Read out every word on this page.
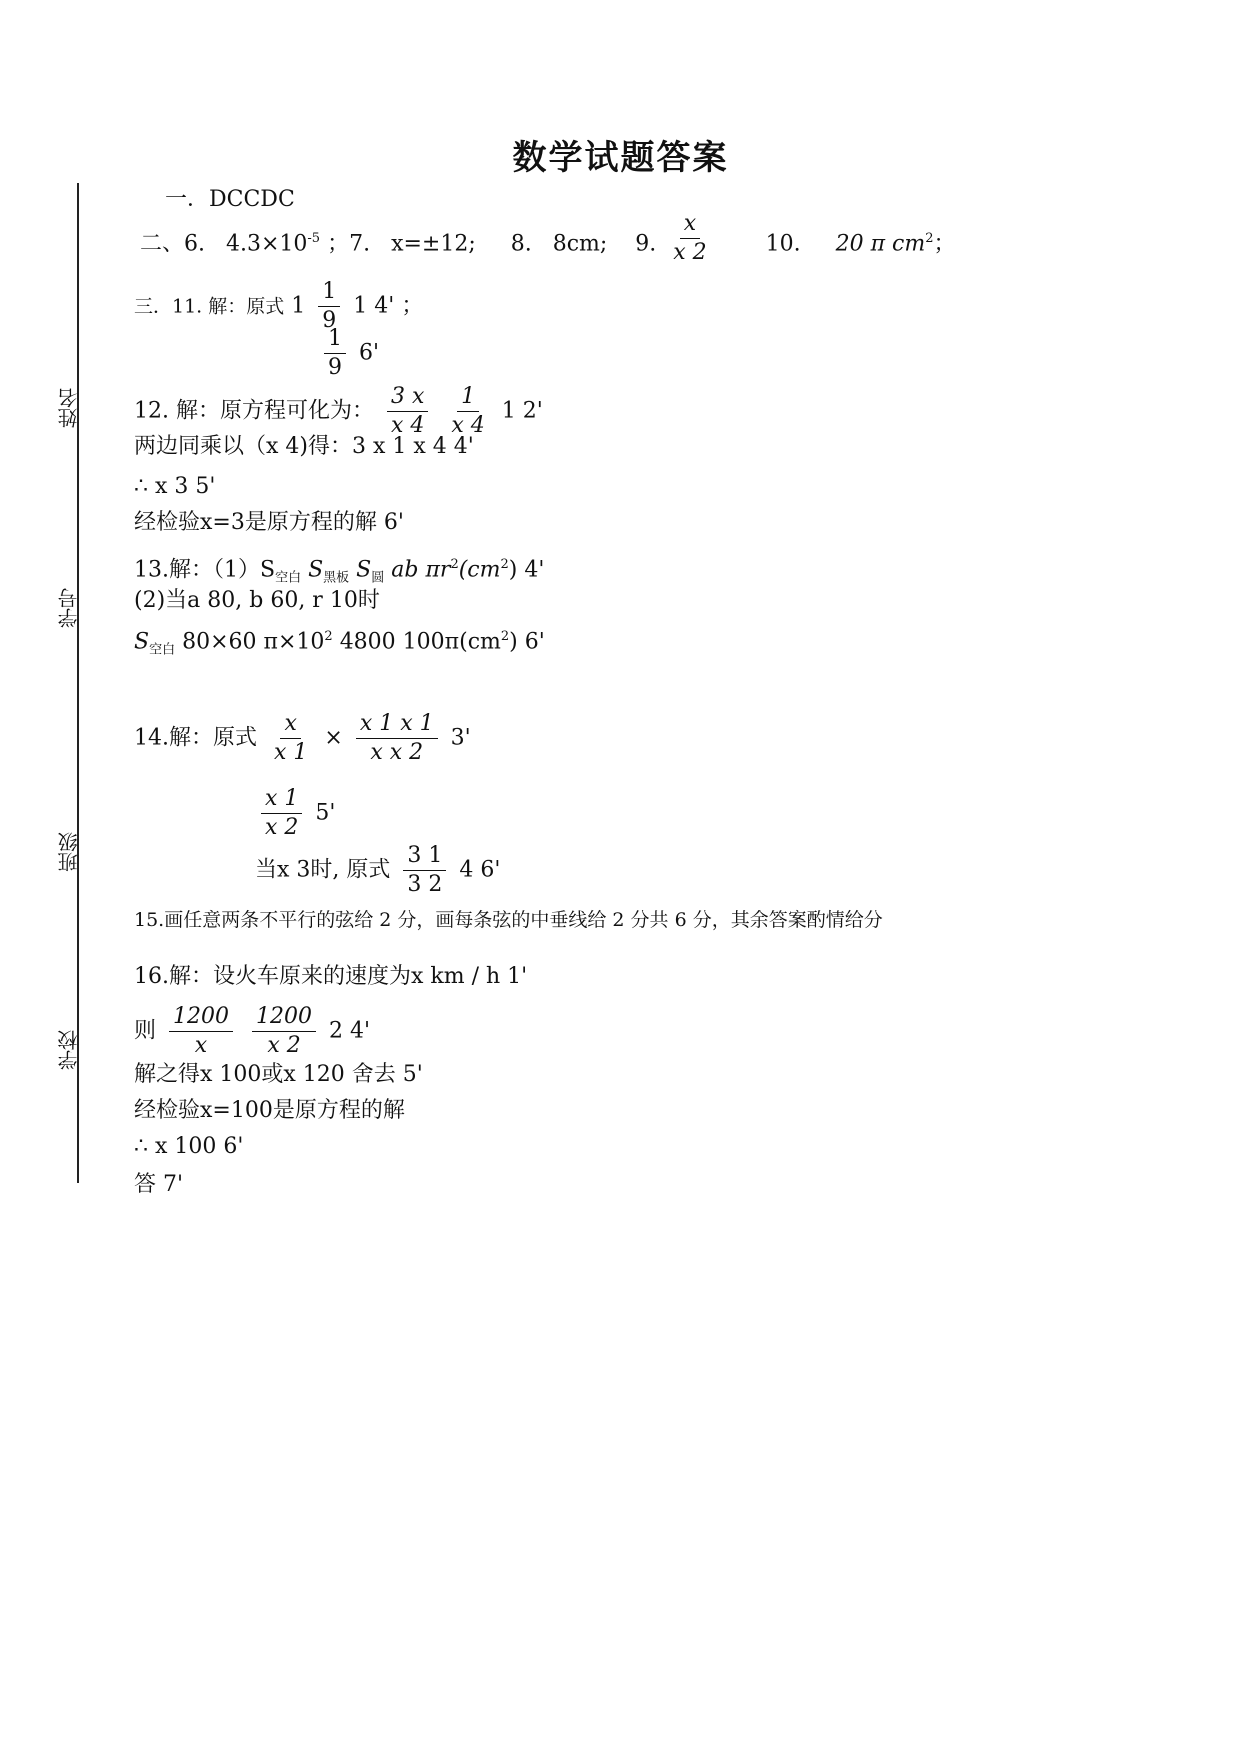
姓名
学号
班级
学校
数学试题答案
一．DCCDC
二、6. $4.3\times 10^{-5}$ ；7. x=±12; 8. 8cm; 9. $\frac{x}{x 2} 10$. 20 π $cm^2$；
三．11. 解：原式 $1 \frac{1}{9} 1$ 4' ；
$\frac{1}{9} 6'$
12. 解：原方程可化为： $\frac{3 x}{x 4}$
$\frac{1}{x 4} 1$ 2'
两边同乘以（x 4)得：3 x 1 x 4 4'
∴ x 3 5'
经检验x=3是原方程的解 6'
13.解：$(1)S_{空白}$ $S_{黑板}$ $S_圆$ ab $\pi r^2(cm^2)$ 4'
(2)当a 80, b 60, r 10时
$S_{空白}$ 80×60 $\pi\times 10^2$ 4800 $100\pi(cm^2)$ 6'
14.解：原式 $\frac{x}{x 1} \times \frac{x 1 x 1}{\text{x x 2}} 3'$
$\frac{x 1}{x 2} 5'$
当x 3时, 原式 $\frac{3 1}{3 2} 4$ 6'
15.画任意两条不平行的弦给 2 分，画每条弦的中垂线给 2 分共 6 分，其余答案酌情给分
16.解：设火车原来的速度为x km / h 1'
则 $\frac{1200}{x}$
$\frac{1200}{x 2} 2$ 4'
解之得x 100或x 120 舍去 5'
经检验x=100是原方程的解
∴ x 100 6'
答 7'
